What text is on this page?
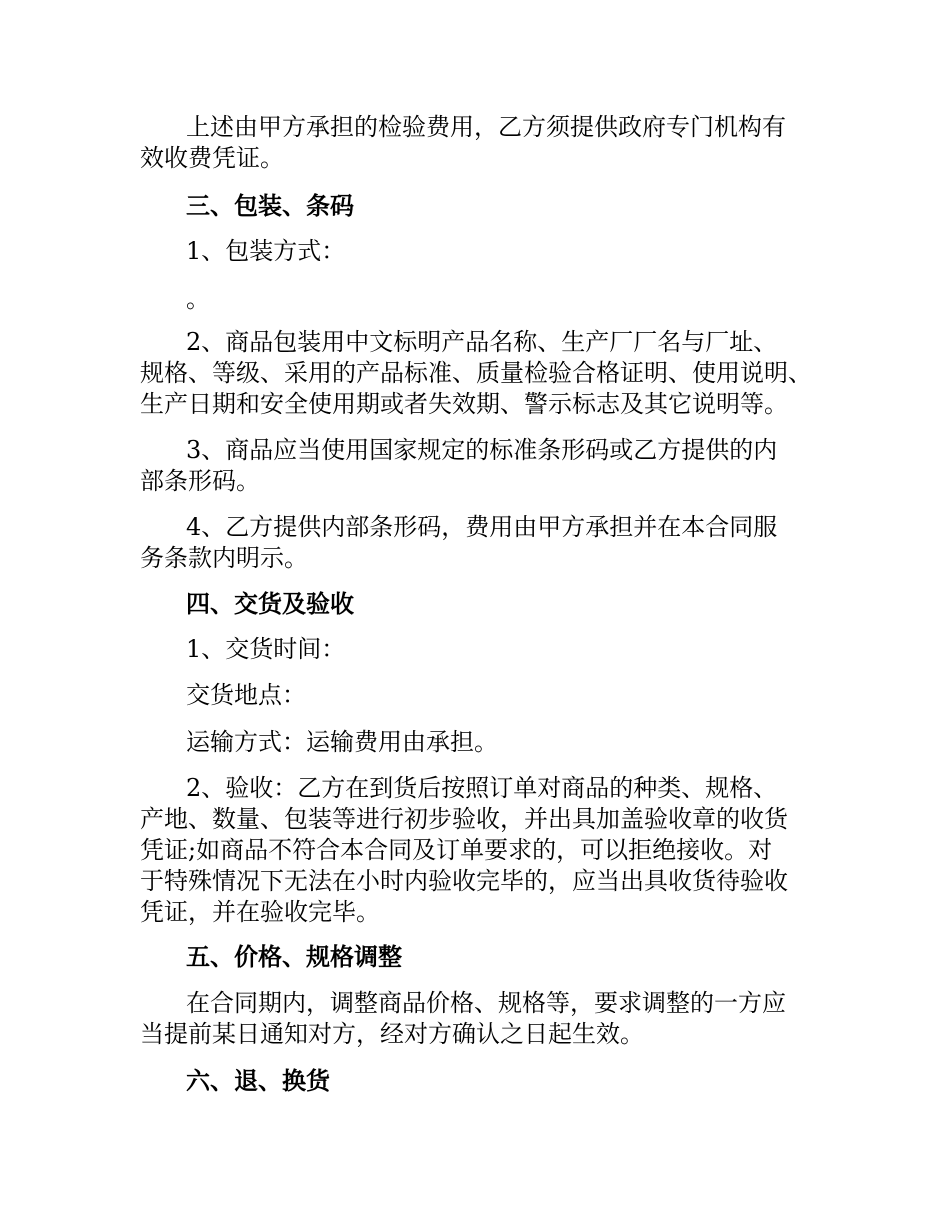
上述由甲方承担的检验费用，乙方须提供政府专门机构有
效收费凭证。
三、包装、条码
1、包装方式：
。
2、商品包装用中文标明产品名称、生产厂厂名与厂址、
规格、等级、采用的产品标准、质量检验合格证明、使用说明、
生产日期和安全使用期或者失效期、警示标志及其它说明等。
3、商品应当使用国家规定的标准条形码或乙方提供的内
部条形码。
4、乙方提供内部条形码，费用由甲方承担并在本合同服
务条款内明示。
四、交货及验收
1、交货时间：
交货地点：
运输方式：运输费用由承担。
2、验收：乙方在到货后按照订单对商品的种类、规格、
产地、数量、包装等进行初步验收，并出具加盖验收章的收货
凭证;如商品不符合本合同及订单要求的，可以拒绝接收。对
于特殊情况下无法在小时内验收完毕的，应当出具收货待验收
凭证，并在验收完毕。
五、价格、规格调整
在合同期内，调整商品价格、规格等，要求调整的一方应
当提前某日通知对方，经对方确认之日起生效。
六、退、换货
